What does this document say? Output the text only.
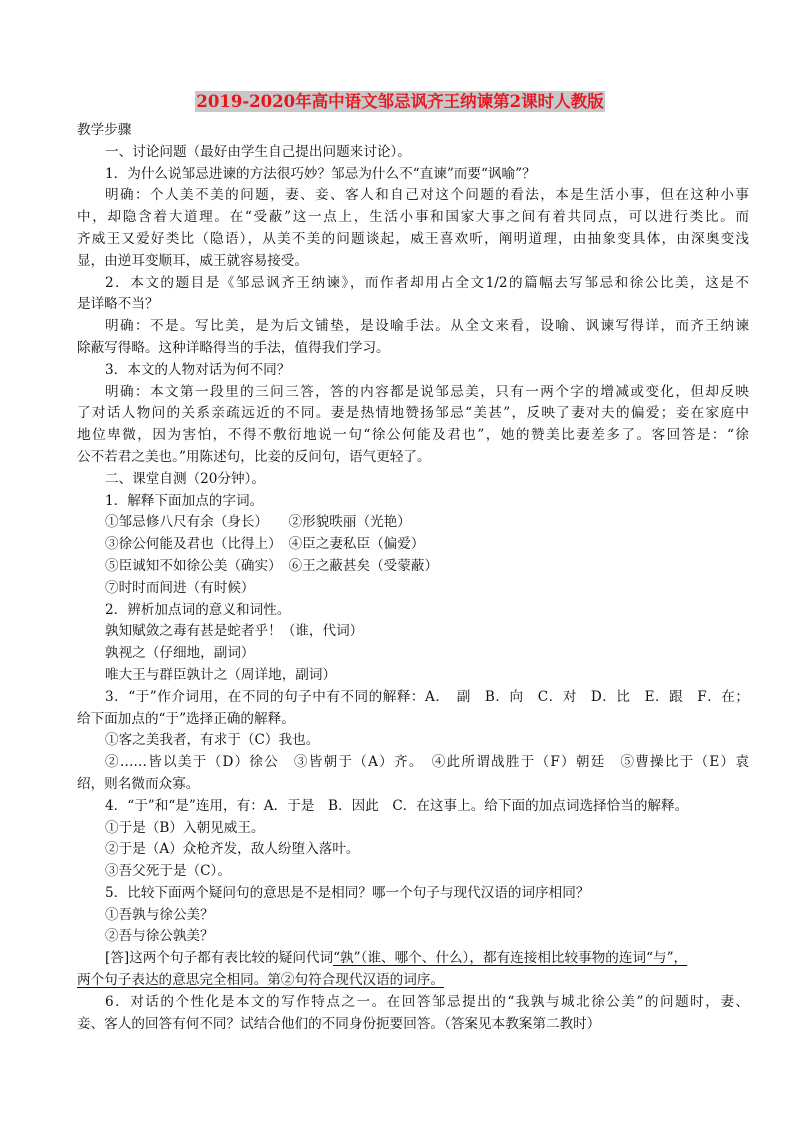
2019-2020年高中语文邹忌讽齐王纳谏第2课时人教版
教学步骤
一、讨论问题（最好由学生自己提出问题来讨论）。
1．为什么说邹忌进谏的方法很巧妙？邹忌为什么不“直谏”而要“讽喻”？
明确：个人美不美的问题，妻、妾、客人和自己对这个问题的看法，本是生活小事，但在这种小事
中，却隐含着大道理。在“受蔽”这一点上，生活小事和国家大事之间有着共同点，可以进行类比。而
齐威王又爱好类比（隐语），从美不美的问题谈起，威王喜欢听，阐明道理，由抽象变具体，由深奥变浅
显，由逆耳变顺耳，威王就容易接受。
2．本文的题目是《邹忌讽齐王纳谏》，而作者却用占全文1/2的篇幅去写邹忌和徐公比美，这是不
是详略不当？
明确：不是。写比美，是为后文铺垫，是设喻手法。从全文来看，设喻、讽谏写得详，而齐王纳谏
除蔽写得略。这种详略得当的手法，值得我们学习。
3．本文的人物对话为何不同？
明确：本文第一段里的三问三答，答的内容都是说邹忌美，只有一两个字的增减或变化，但却反映
了对话人物问的关系亲疏远近的不同。妻是热情地赞扬邹忌“美甚”，反映了妻对夫的偏爱；妾在家庭中
地位卑微，因为害怕，不得不敷衍地说一句“徐公何能及君也”，她的赞美比妻差多了。客回答是：“徐
公不若君之美也。”用陈述句，比妾的反问句，语气更轻了。
二、课堂自测（20分钟）。
1．解释下面加点的字词。
①邹忌修八尺有余（身长）　　②形貌昳丽（光艳）
③徐公何能及君也（比得上）　④臣之妻私臣（偏爱）
⑤臣诚知不如徐公美（确实）　⑥王之蔽甚矣（受蒙蔽）
⑦时时而间进（有时候）
2．辨析加点词的意义和词性。
孰知赋敛之毒有甚是蛇者乎！（谁，代词）
孰视之（仔细地，副词）
唯大王与群臣孰计之（周详地，副词）
3．“于”作介词用，在不同的句子中有不同的解释：A．　副　B．向　C．对　D．比　E．跟　F．在；
给下面加点的“于”选择正确的解释。
①客之美我者，有求于（C）我也。
②……皆以美于（D）徐公　③皆朝于（A）齐。　④此所谓战胜于（F）朝廷　⑤曹操比于（E）袁
绍，则名微而众寡。
4．“于”和“是”连用，有：A．于是　B．因此　C．在这事上。给下面的加点词选择恰当的解释。
①于是（B）入朝见威王。
②于是（A）众枪齐发，敌人纷堕入落叶。
③吾父死于是（C）。
5．比较下面两个疑问句的意思是不是相同？哪一个句子与现代汉语的词序相同？
①吾孰与徐公美？
②吾与徐公孰美？
[答]这两个句子都有表比较的疑问代词“孰”（谁、哪个、什么），都有连接相比较事物的连词“与”，
两个句子表达的意思完全相同。第②句符合现代汉语的词序。
6．对话的个性化是本文的写作特点之一。在回答邹忌提出的“我孰与城北徐公美”的问题时，妻、
妾、客人的回答有何不同？试结合他们的不同身份扼要回答。（答案见本教案第二教时）
